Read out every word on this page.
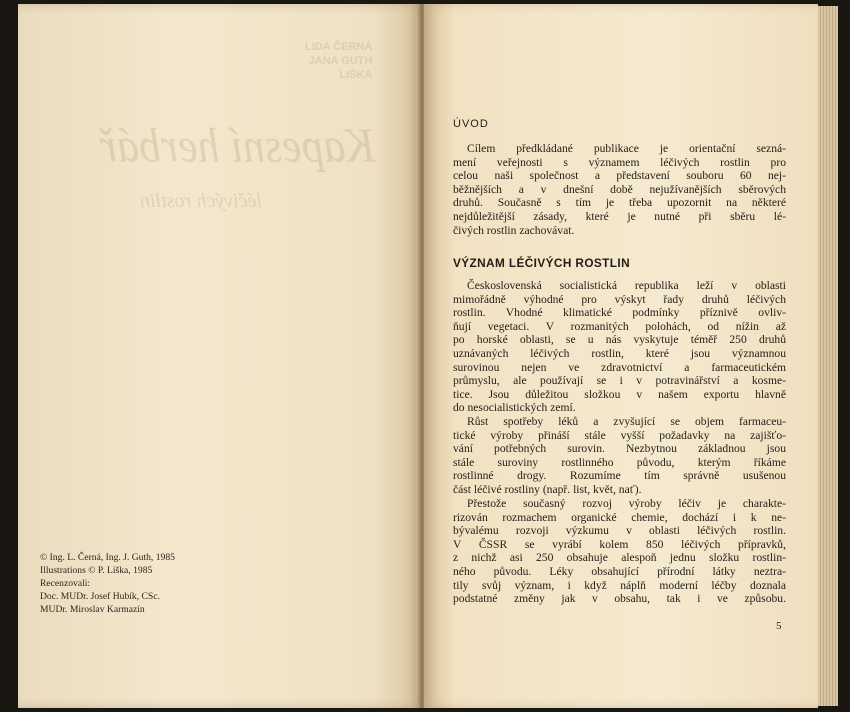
LIDA ČERNÁ
JANA GUTH
LIŠKA
Kapesní herbář
léčivých rostlin
© Ing. L. Černá, Ing. J. Guth, 1985
Illustrations © P. Liška, 1985
Recenzovali:
Doc. MUDr. Josef Hubík, CSc.
MUDr. Miroslav Karmazín
ÚVOD
Cílem předkládané publikace je orientační sezná-
mení veřejnosti s významem léčivých rostlin pro
celou naši společnost a představení souboru 60 nej-
běžnějších a v dnešní době nejužívanějších sběrových
druhů. Současně s tím je třeba upozornit na některé
nejdůležitější zásady, které je nutné při sběru lé-
čivých rostlin zachovávat.
VÝZNAM LÉČIVÝCH ROSTLIN
Československá socialistická republika leží v oblasti
mimořádně výhodné pro výskyt řady druhů léčivých
rostlin. Vhodné klimatické podmínky příznivě ovliv-
ňují vegetaci. V rozmanitých polohách, od nížin až
po horské oblasti, se u nás vyskytuje téměř 250 druhů
uznávaných léčivých rostlin, které jsou významnou
surovinou nejen ve zdravotnictví a farmaceutickém
průmyslu, ale používají se i v potravinářství a kosme-
tice. Jsou důležitou složkou v našem exportu hlavně
do nesocialistických zemí.
Růst spotřeby léků a zvyšující se objem farmaceu-
tické výroby přináší stále vyšší požadavky na zajišťo-
vání potřebných surovin. Nezbytnou základnou jsou
stále suroviny rostlinného původu, kterým říkáme
rostlinné drogy. Rozumíme tím správně usušenou
část léčivé rostliny (např. list, květ, nať).
Přestože současný rozvoj výroby léčiv je charakte-
rizován rozmachem organické chemie, dochází i k ne-
bývalému rozvoji výzkumu v oblasti léčivých rostlin.
V ČSSR se vyrábí kolem 850 léčivých přípravků,
z nichž asi 250 obsahuje alespoň jednu složku rostlin-
ného původu. Léky obsahující přírodní látky neztra-
tily svůj význam, i když náplň moderní léčby doznala
podstatné změny jak v obsahu, tak i ve způsobu.
5
